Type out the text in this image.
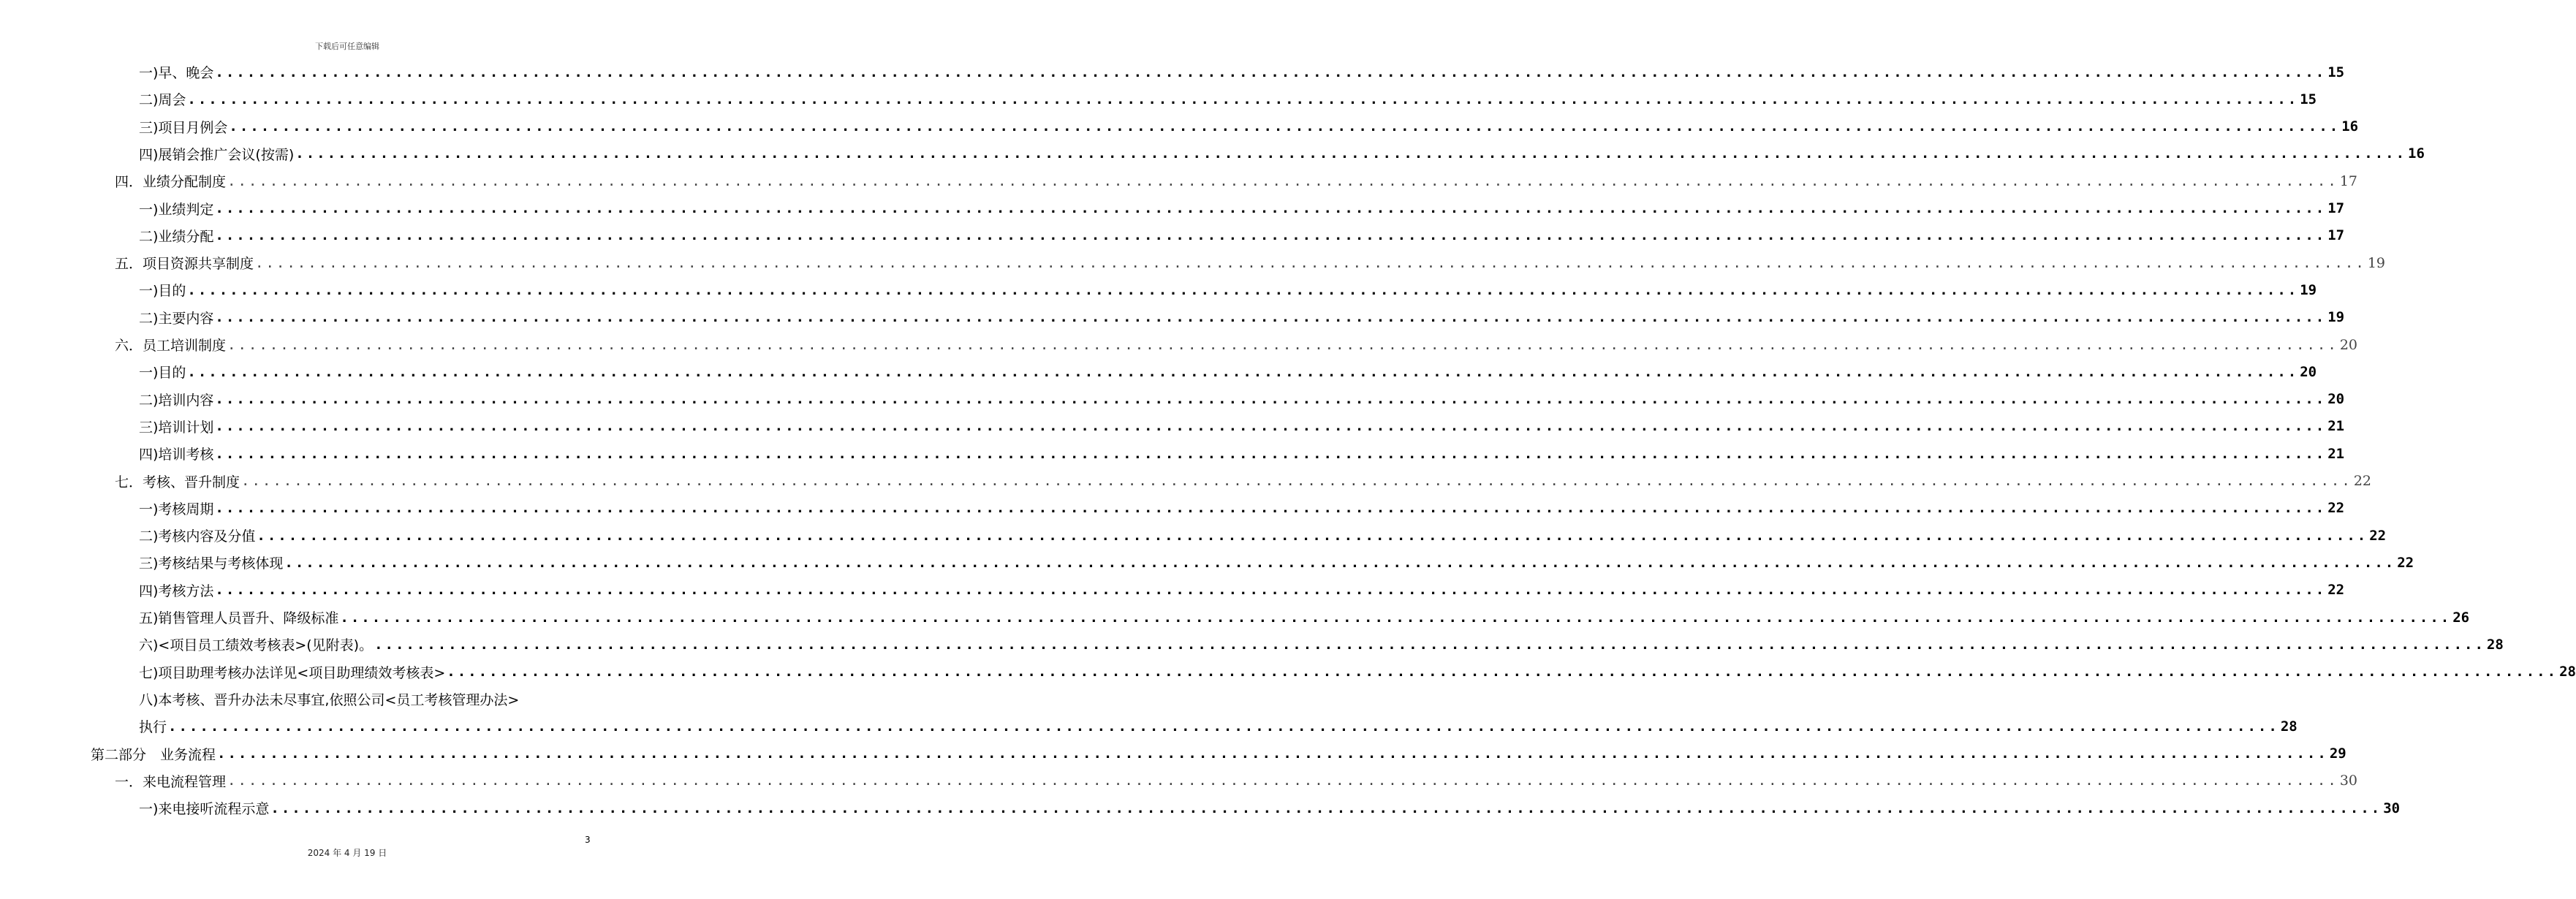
下载后可任意编辑
一)早、晚会 ........................................................................................................................................................................................................ 15
二)周会 ........................................................................................................................................................................................................ 15
三)项目月例会 ........................................................................................................................................................................................................ 16
四)展销会推广会议(按需) ........................................................................................................................................................................................................ 16
四．业绩分配制度 ........................................................................................................................................................................................................ 17
一)业绩判定 ........................................................................................................................................................................................................ 17
二)业绩分配 ........................................................................................................................................................................................................ 17
五．项目资源共享制度 ........................................................................................................................................................................................................ 19
一)目的 ........................................................................................................................................................................................................ 19
二)主要内容 ........................................................................................................................................................................................................ 19
六．员工培训制度 ........................................................................................................................................................................................................ 20
一)目的 ........................................................................................................................................................................................................ 20
二)培训内容 ........................................................................................................................................................................................................ 20
三)培训计划 ........................................................................................................................................................................................................ 21
四)培训考核 ........................................................................................................................................................................................................ 21
七．考核、晋升制度 ........................................................................................................................................................................................................ 22
一)考核周期 ........................................................................................................................................................................................................ 22
二)考核内容及分值 ........................................................................................................................................................................................................ 22
三)考核结果与考核体现 ........................................................................................................................................................................................................ 22
四)考核方法 ........................................................................................................................................................................................................ 22
五)销售管理人员晋升、降级标准 ........................................................................................................................................................................................................ 26
六)<项目员工绩效考核表>(见附表)。 ........................................................................................................................................................................................................ 28
七)项目助理考核办法详见<项目助理绩效考核表> ........................................................................................................................................................................................................ 28
八)本考核、晋升办法未尽事宜,依照公司<员工考核管理办法>
执行 ........................................................................................................................................................................................................ 28
第二部分　业务流程 ........................................................................................................................................................................................................ 29
一．来电流程管理 ........................................................................................................................................................................................................ 30
一)来电接听流程示意 ........................................................................................................................................................................................................ 30
3
2024 年 4 月 19 日
